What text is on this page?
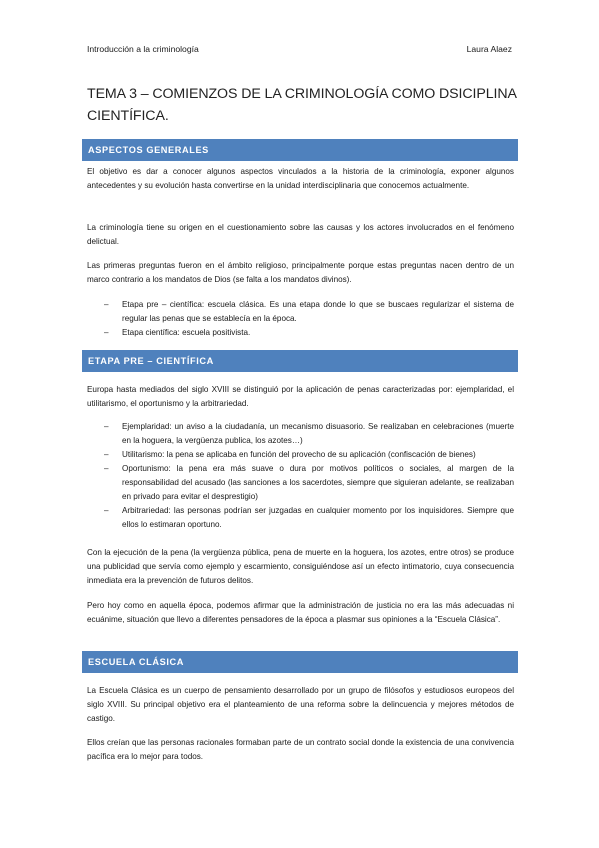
Introducción a la criminología	Laura Alaez
TEMA 3 – COMIENZOS DE LA CRIMINOLOGÍA COMO DSICIPLINA CIENTÍFICA.
ASPECTOS GENERALES

El objetivo es dar a conocer algunos aspectos vinculados a la historia de la criminología, exponer algunos antecedentes y su evolución hasta convertirse en la unidad interdisciplinaria que conocemos actualmente.

La criminología tiene su origen en el cuestionamiento sobre las causas y los actores involucrados en el fenómeno delictual.

Las primeras preguntas fueron en el ámbito religioso, principalmente porque estas preguntas nacen dentro de un marco contrario a los mandatos de Dios (se falta a los mandatos divinos).

– Etapa pre – científica: escuela clásica. Es una etapa donde lo que se buscaes regularizar el sistema de regular las penas que se establecía en la época.
– Etapa científica: escuela positivista.
ETAPA PRE – CIENTÍFICA

Europa hasta mediados del siglo XVIII se distinguió por la aplicación de penas caracterizadas por: ejemplaridad, el utilitarismo, el oportunismo y la arbitrariedad.

– Ejemplaridad: un aviso a la ciudadanía, un mecanismo disuasorio. Se realizaban en celebraciones (muerte en la hoguera, la vergüenza publica, los azotes…)
– Utilitarismo: la pena se aplicaba en función del provecho de su aplicación (confiscación de bienes)
– Oportunismo: la pena era más suave o dura por motivos políticos o sociales, al margen de la responsabilidad del acusado (las sanciones a los sacerdotes, siempre que siguieran adelante, se realizaban en privado para evitar el desprestigio)
– Arbitrariedad: las personas podrían ser juzgadas en cualquier momento por los inquisidores. Siempre que ellos lo estimaran oportuno.

Con la ejecución de la pena (la vergüenza pública, pena de muerte en la hoguera, los azotes, entre otros) se produce una publicidad que servía como ejemplo y escarmiento, consiguiéndose así un efecto intimatorio, cuya consecuencia inmediata era la prevención de futuros delitos.

Pero hoy como en aquella época, podemos afirmar que la administración de justicia no era las más adecuadas ni ecuánime, situación que llevo a diferentes pensadores de la época a plasmar sus opiniones a la “Escuela Clásica”.

ESCUELA CLÁSICA

La Escuela Clásica es un cuerpo de pensamiento desarrollado por un grupo de filósofos y estudiosos europeos del siglo XVIII. Su principal objetivo era el planteamiento de una reforma sobre la delincuencia y mejores métodos de castigo.

Ellos creían que las personas racionales formaban parte de un contrato social donde la existencia de una convivencia pacífica era lo mejor para todos.
